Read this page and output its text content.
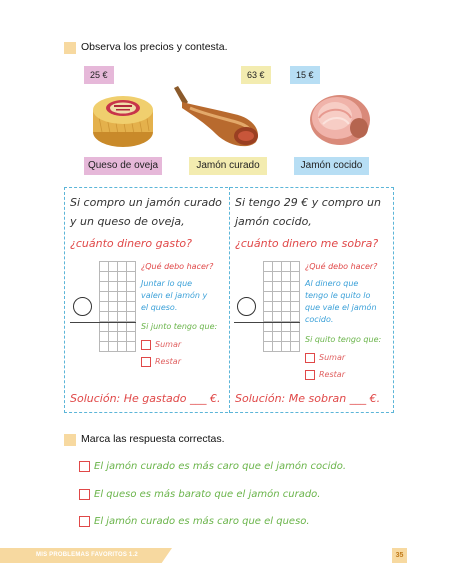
Observa los precios y contesta.
25 €	63 €	15 €
Queso de oveja	Jamón curado	Jamón cocido
Si compro un jamón curado
y un queso de oveja,
¿cuánto dinero gasto?
¿Qué debo hacer?
Juntar lo que
valen el jamón y
el queso.
Si junto tengo que:
Sumar
Restar
Solución: He gastado ___ €.
Si tengo 29 € y compro un
jamón cocido,
¿cuánto dinero me sobra?
¿Qué debo hacer?
Al dinero que
tengo le quito lo
que vale el jamón
cocido.
Si quito tengo que:
Sumar
Restar
Solución: Me sobran ___ €.
Marca las respuesta correctas.
El jamón curado es más caro que el jamón cocido.
El queso es más barato que el jamón curado.
El jamón curado es más caro que el queso.
MIS PROBLEMAS FAVORITOS 1.2	35
